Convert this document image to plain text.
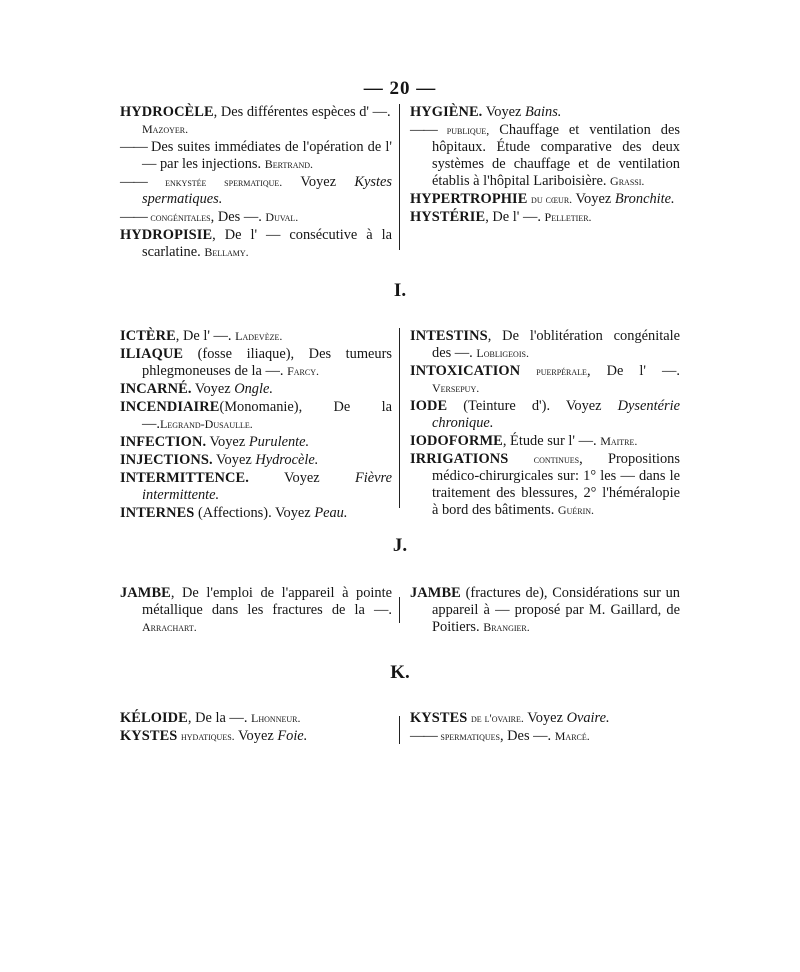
— 20 —
HYDROCÈLE, Des différentes espèces d' —.
Mazoyer.
—— Des suites immédiates de l'opération de l' — par les injections. Bertrand.
—— enkystée spermatique. Voyez Kystes spermatiques.
—— congénitales, Des —. Duval.
HYDROPISIE, De l' — consécutive à la scarlatine. Bellamy.
HYGIÈNE. Voyez Bains.
—— publique, Chauffage et ventilation des hôpitaux. Étude comparative des deux systèmes de chauffage et de ventilation établis à l'hôpital Lariboisière. Grassi.
HYPERTROPHIE du cœur. Voyez Bronchite.
HYSTÉRIE, De l' —. Pelletier.
I.
ICTÈRE, De l' —. Ladevèze.
ILIAQUE (fosse iliaque), Des tumeurs phlegmoneuses de la —. Farcy.
INCARNÉ. Voyez Ongle.
INCENDIAIRE(Monomanie), De la—.Legrand-Dusaulle.
INFECTION. Voyez Purulente.
INJECTIONS. Voyez Hydrocèle.
INTERMITTENCE. Voyez Fièvre intermittente.
INTERNES (Affections). Voyez Peau.
INTESTINS, De l'oblitération congénitale des —. Lobligeois.
INTOXICATION puerpérale, De l' —. Versepuy.
IODE (Teinture d'). Voyez Dysentérie chronique.
IODOFORME, Étude sur l' —. Maitre.
IRRIGATIONS continues, Propositions médico-chirurgicales sur: 1° les — dans le traitement des blessures, 2° l'héméralopie à bord des bâtiments. Guérin.
J.
JAMBE, De l'emploi de l'appareil à pointe métallique dans les fractures de la —. Arrachart.
JAMBE (fractures de), Considérations sur un appareil à — proposé par M. Gaillard, de Poitiers. Brangier.
K.
KÉLOIDE, De la —. Lhonneur.
KYSTES hydatiques. Voyez Foie.
KYSTES de l'ovaire. Voyez Ovaire.
—— spermatiques, Des —. Marcé.
